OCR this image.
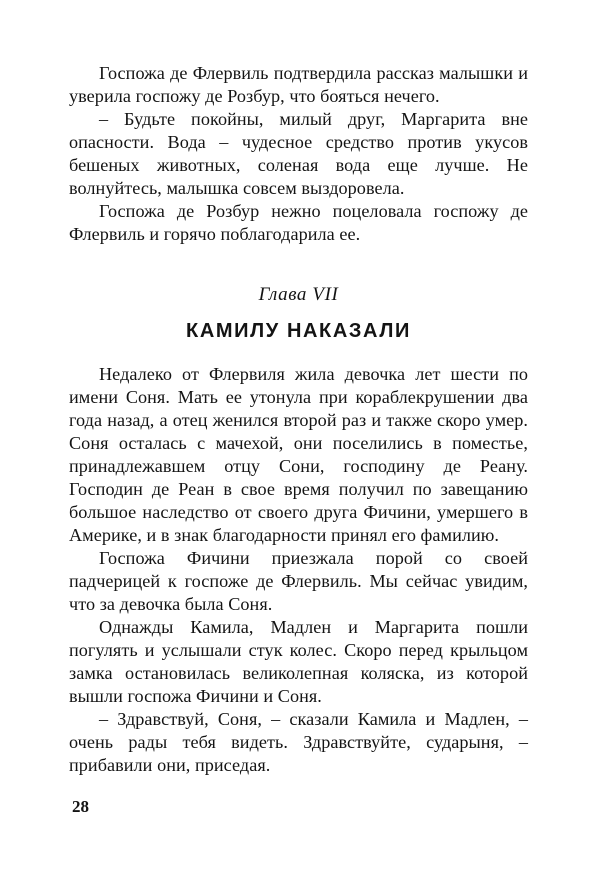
Госпожа де Флервиль подтвердила рассказ малышки и уверила госпожу де Розбур, что бояться нечего.

– Будьте покойны, милый друг, Маргарита вне опасности. Вода – чудесное средство против укусов бешеных животных, соленая вода еще лучше. Не волнуйтесь, малышка совсем выздоровела.

Госпожа де Розбур нежно поцеловала госпожу де Флервиль и горячо поблагодарила ее.

Глава VII
КАМИЛУ НАКАЗАЛИ

Недалеко от Флервиля жила девочка лет шести по имени Соня. Мать ее утонула при кораблекрушении два года назад, а отец женился второй раз и также скоро умер. Соня осталась с мачехой, они поселились в поместье, принадлежавшем отцу Сони, господину де Реану. Господин де Реан в свое время получил по завещанию большое наследство от своего друга Фичини, умершего в Америке, и в знак благодарности принял его фамилию.

Госпожа Фичини приезжала порой со своей падчерицей к госпоже де Флервиль. Мы сейчас увидим, что за девочка была Соня.

Однажды Камила, Мадлен и Маргарита пошли погулять и услышали стук колес. Скоро перед крыльцом замка остановилась великолепная коляска, из которой вышли госпожа Фичини и Соня.

– Здравствуй, Соня, – сказали Камила и Мадлен, – очень рады тебя видеть. Здравствуйте, сударыня, – прибавили они, приседая.

28
